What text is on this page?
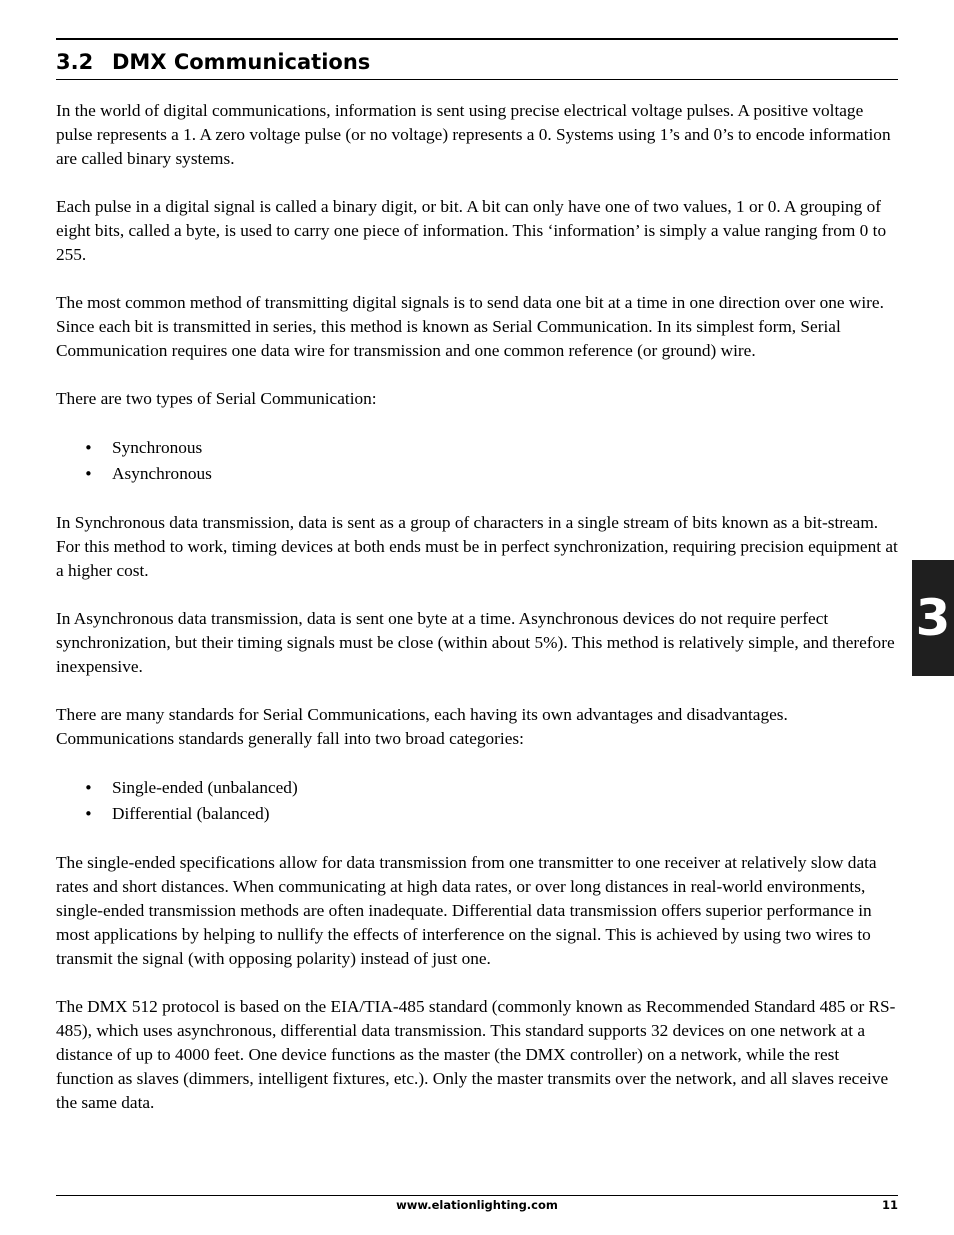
3.2 DMX Communications

In the world of digital communications, information is sent using precise electrical voltage pulses. A positive voltage pulse represents a 1. A zero voltage pulse (or no voltage) represents a 0. Systems using 1’s and 0’s to encode information are called binary systems.

Each pulse in a digital signal is called a binary digit, or bit. A bit can only have one of two values, 1 or 0. A grouping of eight bits, called a byte, is used to carry one piece of information. This ‘information’ is simply a value ranging from 0 to 255.

The most common method of transmitting digital signals is to send data one bit at a time in one direction over one wire. Since each bit is transmitted in series, this method is known as Serial Communication. In its simplest form, Serial Communication requires one data wire for transmission and one common reference (or ground) wire.

There are two types of Serial Communication:

• Synchronous
• Asynchronous

In Synchronous data transmission, data is sent as a group of characters in a single stream of bits known as a bit-stream. For this method to work, timing devices at both ends must be in perfect synchronization, requiring precision equipment at a higher cost.

In Asynchronous data transmission, data is sent one byte at a time. Asynchronous devices do not require perfect synchronization, but their timing signals must be close (within about 5%). This method is relatively simple, and therefore inexpensive.

There are many standards for Serial Communications, each having its own advantages and disadvantages. Communications standards generally fall into two broad categories:

• Single-ended (unbalanced)
• Differential (balanced)

The single-ended specifications allow for data transmission from one transmitter to one receiver at relatively slow data rates and short distances. When communicating at high data rates, or over long distances in real-world environments, single-ended transmission methods are often inadequate. Differential data transmission offers superior performance in most applications by helping to nullify the effects of interference on the signal. This is achieved by using two wires to transmit the signal (with opposing polarity) instead of just one.

The DMX 512 protocol is based on the EIA/TIA-485 standard (commonly known as Recommended Standard 485 or RS-485), which uses asynchronous, differential data transmission. This standard supports 32 devices on one network at a distance of up to 4000 feet. One device functions as the master (the DMX controller) on a network, while the rest function as slaves (dimmers, intelligent fixtures, etc.). Only the master transmits over the network, and all slaves receive the same data.

3
www.elationlighting.com	11
